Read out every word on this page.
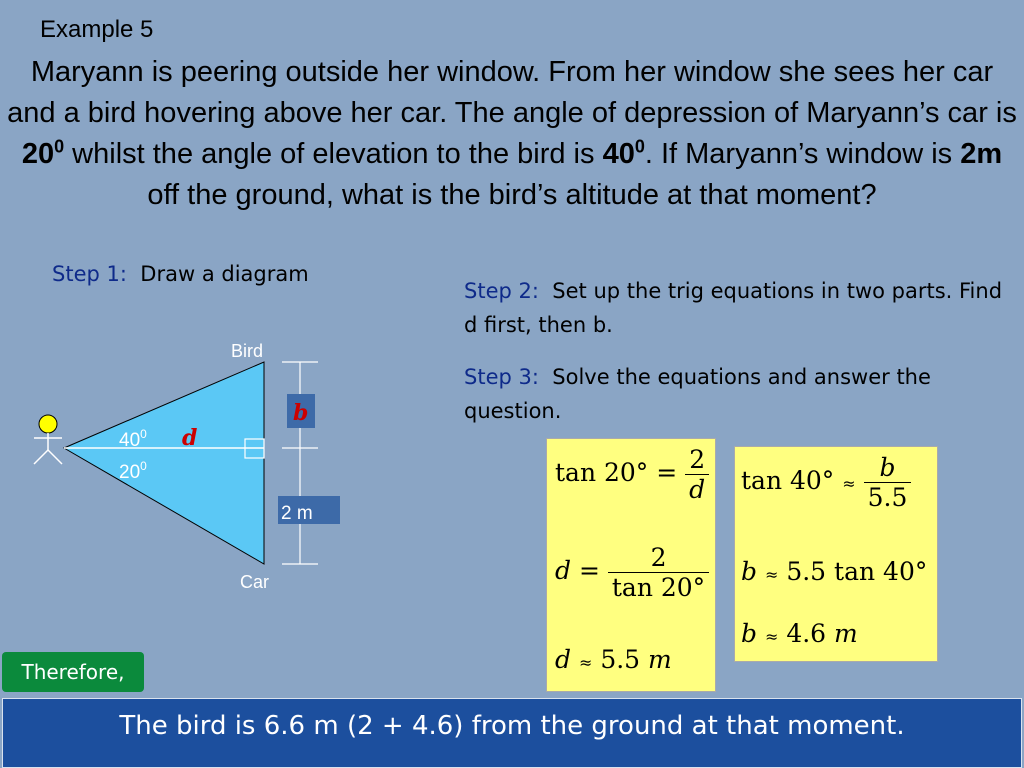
Example 5
Maryann is peering outside her window. From her window she sees her car and a bird hovering above her car. The angle of depression of Maryann’s car is $20^0$ whilst the angle of elevation to the bird is $40^0$. If Maryann’s window is 2m off the ground, what is the bird’s altitude at that moment?
Step 1: Draw a diagram
Step 2: Set up the trig equations in two parts. Find d first, then b.
Step 3: Solve the equations and answer the question.
Bird
Car
$40^0$
$20^0$
d
b
2 m
$\tan 20^\circ = \frac{2}{d}$
$d = \frac{2}{\tan 20^\circ}$
d ≈ 5.5 m
$\tan 40^\circ \approx \frac{b}{5.5}$
b ≈ 5.5 tan 40°
b ≈ 4.6 m
Therefore,
The bird is 6.6 m (2 + 4.6) from the ground at that moment.
